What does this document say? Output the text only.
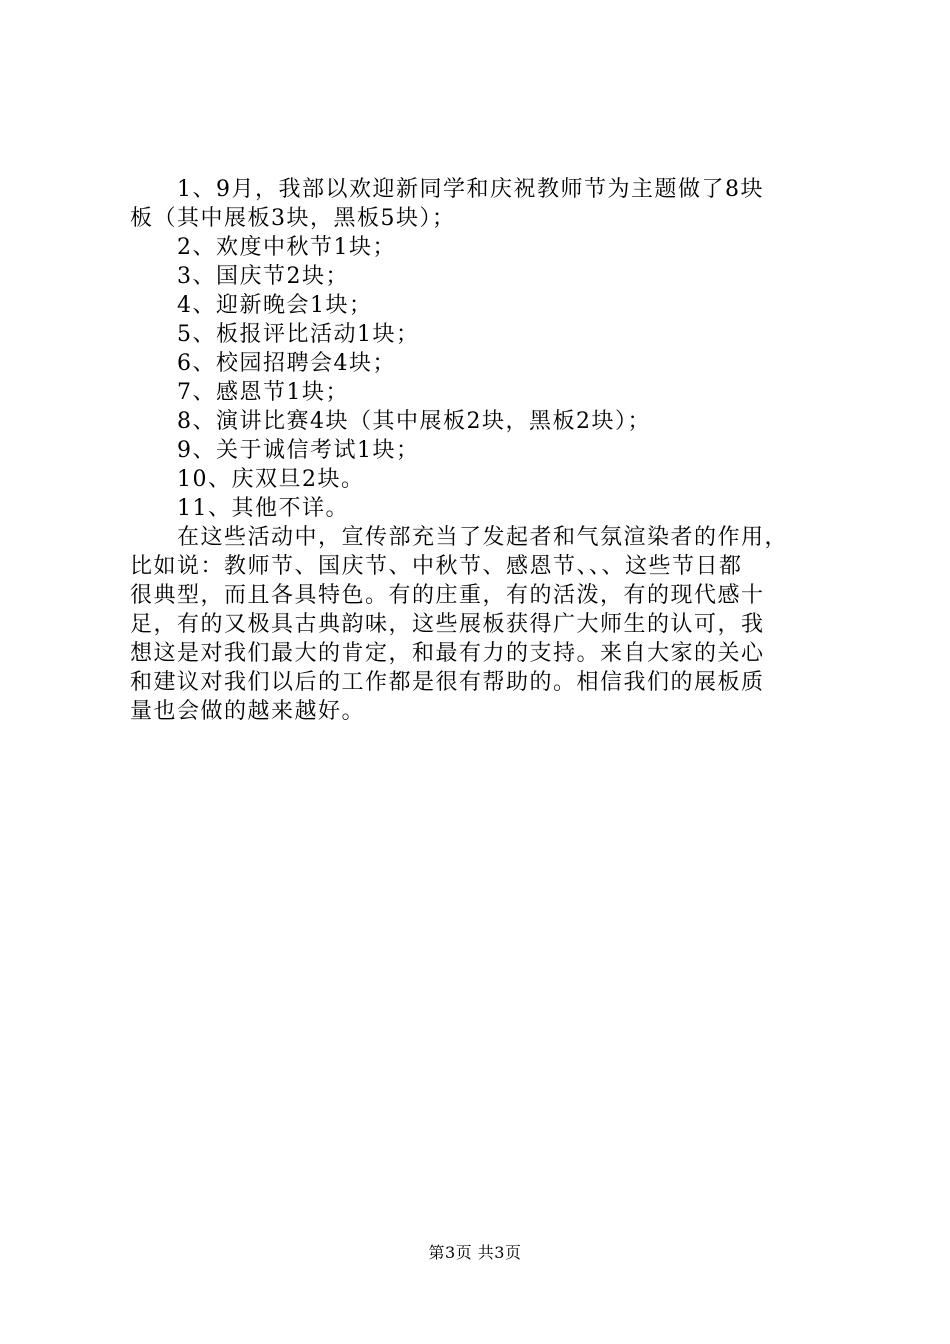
1、9月，我部以欢迎新同学和庆祝教师节为主题做了8块
板（其中展板3块，黑板5块）；
2、欢度中秋节1块；
3、国庆节2块；
4、迎新晚会1块；
5、板报评比活动1块；
6、校园招聘会4块；
7、感恩节1块；
8、演讲比赛4块（其中展板2块，黑板2块）；
9、关于诚信考试1块；
10、庆双旦2块。
11、其他不详。
在这些活动中，宣传部充当了发起者和气氛渲染者的作用，
比如说：教师节、国庆节、中秋节、感恩节、、、这些节日都
很典型，而且各具特色。有的庄重，有的活泼，有的现代感十
足，有的又极具古典韵味，这些展板获得广大师生的认可，我
想这是对我们最大的肯定，和最有力的支持。来自大家的关心
和建议对我们以后的工作都是很有帮助的。相信我们的展板质
量也会做的越来越好。
第3页 共3页
